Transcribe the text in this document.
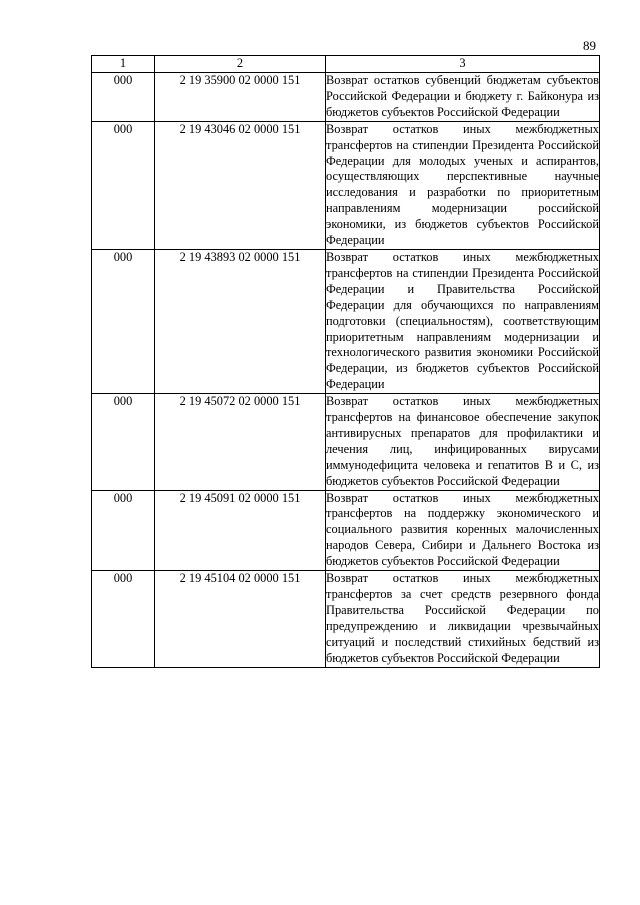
89
1	2	3
000	2 19 35900 02 0000 151	Возврат остатков субвенций бюджетам субъектов Российской Федерации и бюджету г. Байконура из бюджетов субъектов Российской Федерации
000	2 19 43046 02 0000 151	Возврат остатков иных межбюджетных трансфертов на стипендии Президента Российской Федерации для молодых ученых и аспирантов, осуществляющих перспективные научные исследования и разработки по приоритетным направлениям модернизации российской экономики, из бюджетов субъектов Российской Федерации
000	2 19 43893 02 0000 151	Возврат остатков иных межбюджетных трансфертов на стипендии Президента Российской Федерации и Правительства Российской Федерации для обучающихся по направлениям подготовки (специальностям), соответствующим приоритетным направлениям модернизации и технологического развития экономики Российской Федерации, из бюджетов субъектов Российской Федерации
000	2 19 45072 02 0000 151	Возврат остатков иных межбюджетных трансфертов на финансовое обеспечение закупок антивирусных препаратов для профилактики и лечения лиц, инфицированных вирусами иммунодефицита человека и гепатитов B и C, из бюджетов субъектов Российской Федерации
000	2 19 45091 02 0000 151	Возврат остатков иных межбюджетных трансфертов на поддержку экономического и социального развития коренных малочисленных народов Севера, Сибири и Дальнего Востока из бюджетов субъектов Российской Федерации
000	2 19 45104 02 0000 151	Возврат остатков иных межбюджетных трансфертов за счет средств резервного фонда Правительства Российской Федерации по предупреждению и ликвидации чрезвычайных ситуаций и последствий стихийных бедствий из бюджетов субъектов Российской Федерации
